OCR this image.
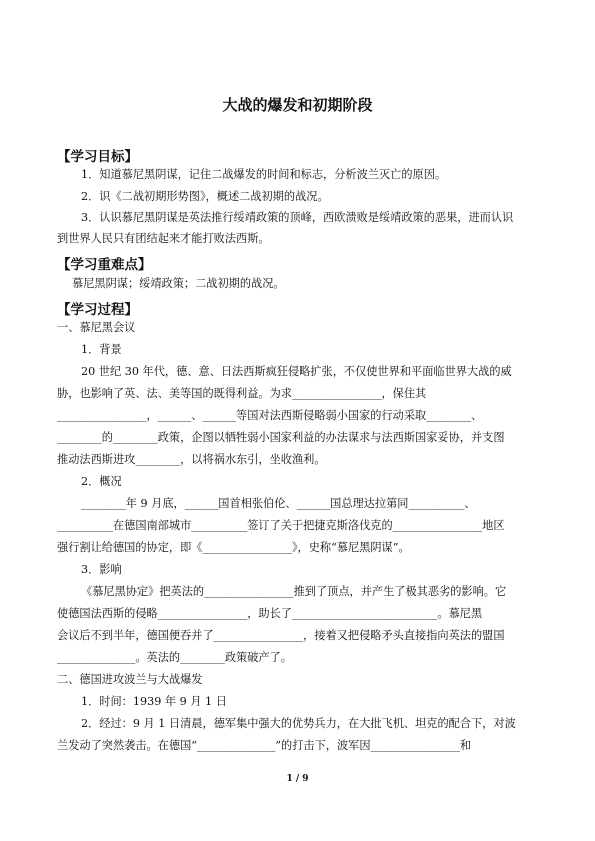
大战的爆发和初期阶段
【学习目标】
1．知道慕尼黑阴谋，记住二战爆发的时间和标志，分析波兰灭亡的原因。
2．识《二战初期形势图》，概述二战初期的战况。
3．认识慕尼黑阴谋是英法推行绥靖政策的顶峰，西欧溃败是绥靖政策的恶果，进而认识
到世界人民只有团结起来才能打败法西斯。
【学习重难点】
慕尼黑阴谋；绥靖政策；二战初期的战况。
【学习过程】
一、慕尼黑会议
1．背景
20 世纪 30 年代，德、意、日法西斯疯狂侵略扩张，不仅使世界和平面临世界大战的威
胁，也影响了英、法、美等国的既得利益。为求________________，保住其
________________，______、______等国对法西斯侵略弱小国家的行动采取________、
________的________政策，企图以牺牲弱小国家利益的办法谋求与法西斯国家妥协，并支图
推动法西斯进攻________，以将祸水东引，坐收渔利。
2．概况
________年 9 月底，______国首相张伯伦、______国总理达拉第同__________、
__________在德国南部城市__________签订了关于把捷克斯洛伐克的________________地区
强行割让给德国的协定，即《________________》，史称“慕尼黑阴谋”。
3．影响
《慕尼黑协定》把英法的________________推到了顶点，并产生了极其恶劣的影响。它
使德国法西斯的侵略________________，助长了__________________________。慕尼黑
会议后不到半年，德国便吞并了________________，接着又把侵略矛头直接指向英法的盟国
______________。英法的________政策破产了。
二、德国进攻波兰与大战爆发
1．时间：1939 年 9 月 1 日
2．经过：9 月 1 日清晨，德军集中强大的优势兵力，在大批飞机、坦克的配合下，对波
兰发动了突然袭击。在德国“______________”的打击下，波军因________________和
1 / 9
